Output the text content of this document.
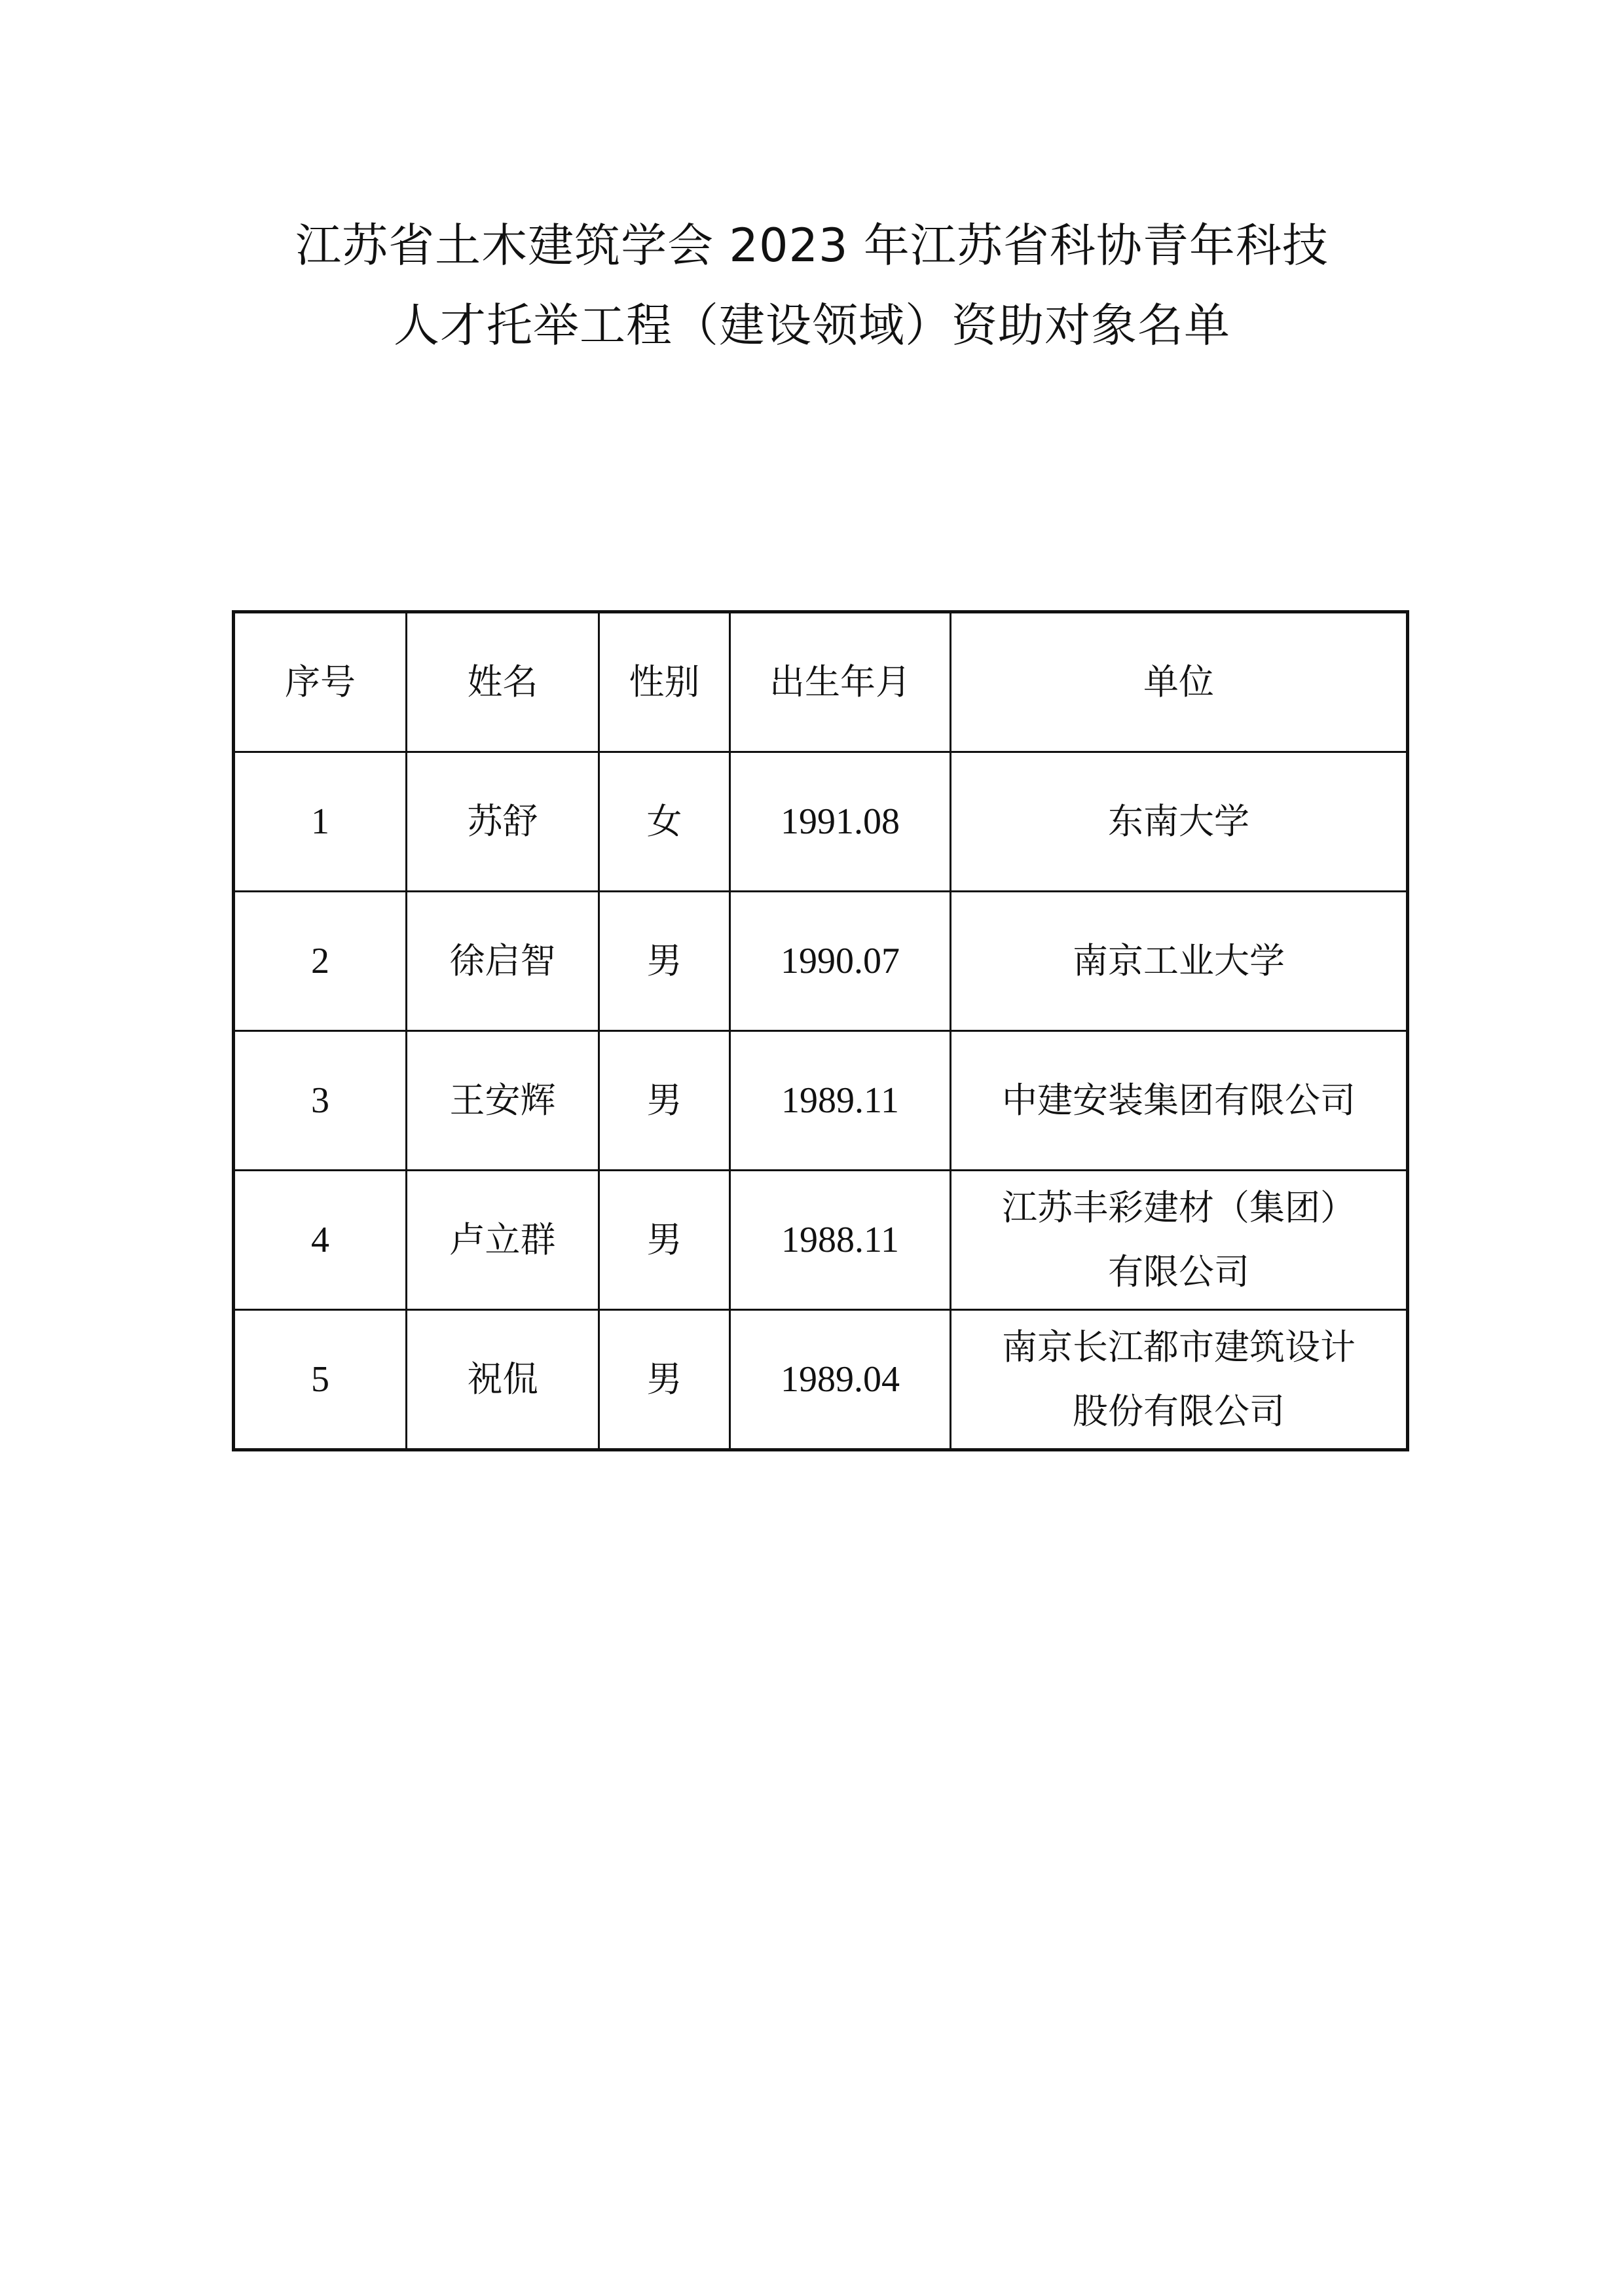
江苏省土木建筑学会 2023 年江苏省科协青年科技
人才托举工程（建设领域）资助对象名单
序号	姓名	性别	出生年月	单位
1	苏舒	女	1991.08	东南大学

2	徐启智	男	1990.07	南京工业大学

3	王安辉	男	1989.11	中建安装集团有限公司

4	卢立群	男	1988.11	江苏丰彩建材（集团）
有限公司

5	祝侃	男	1989.04	南京长江都市建筑设计
股份有限公司
